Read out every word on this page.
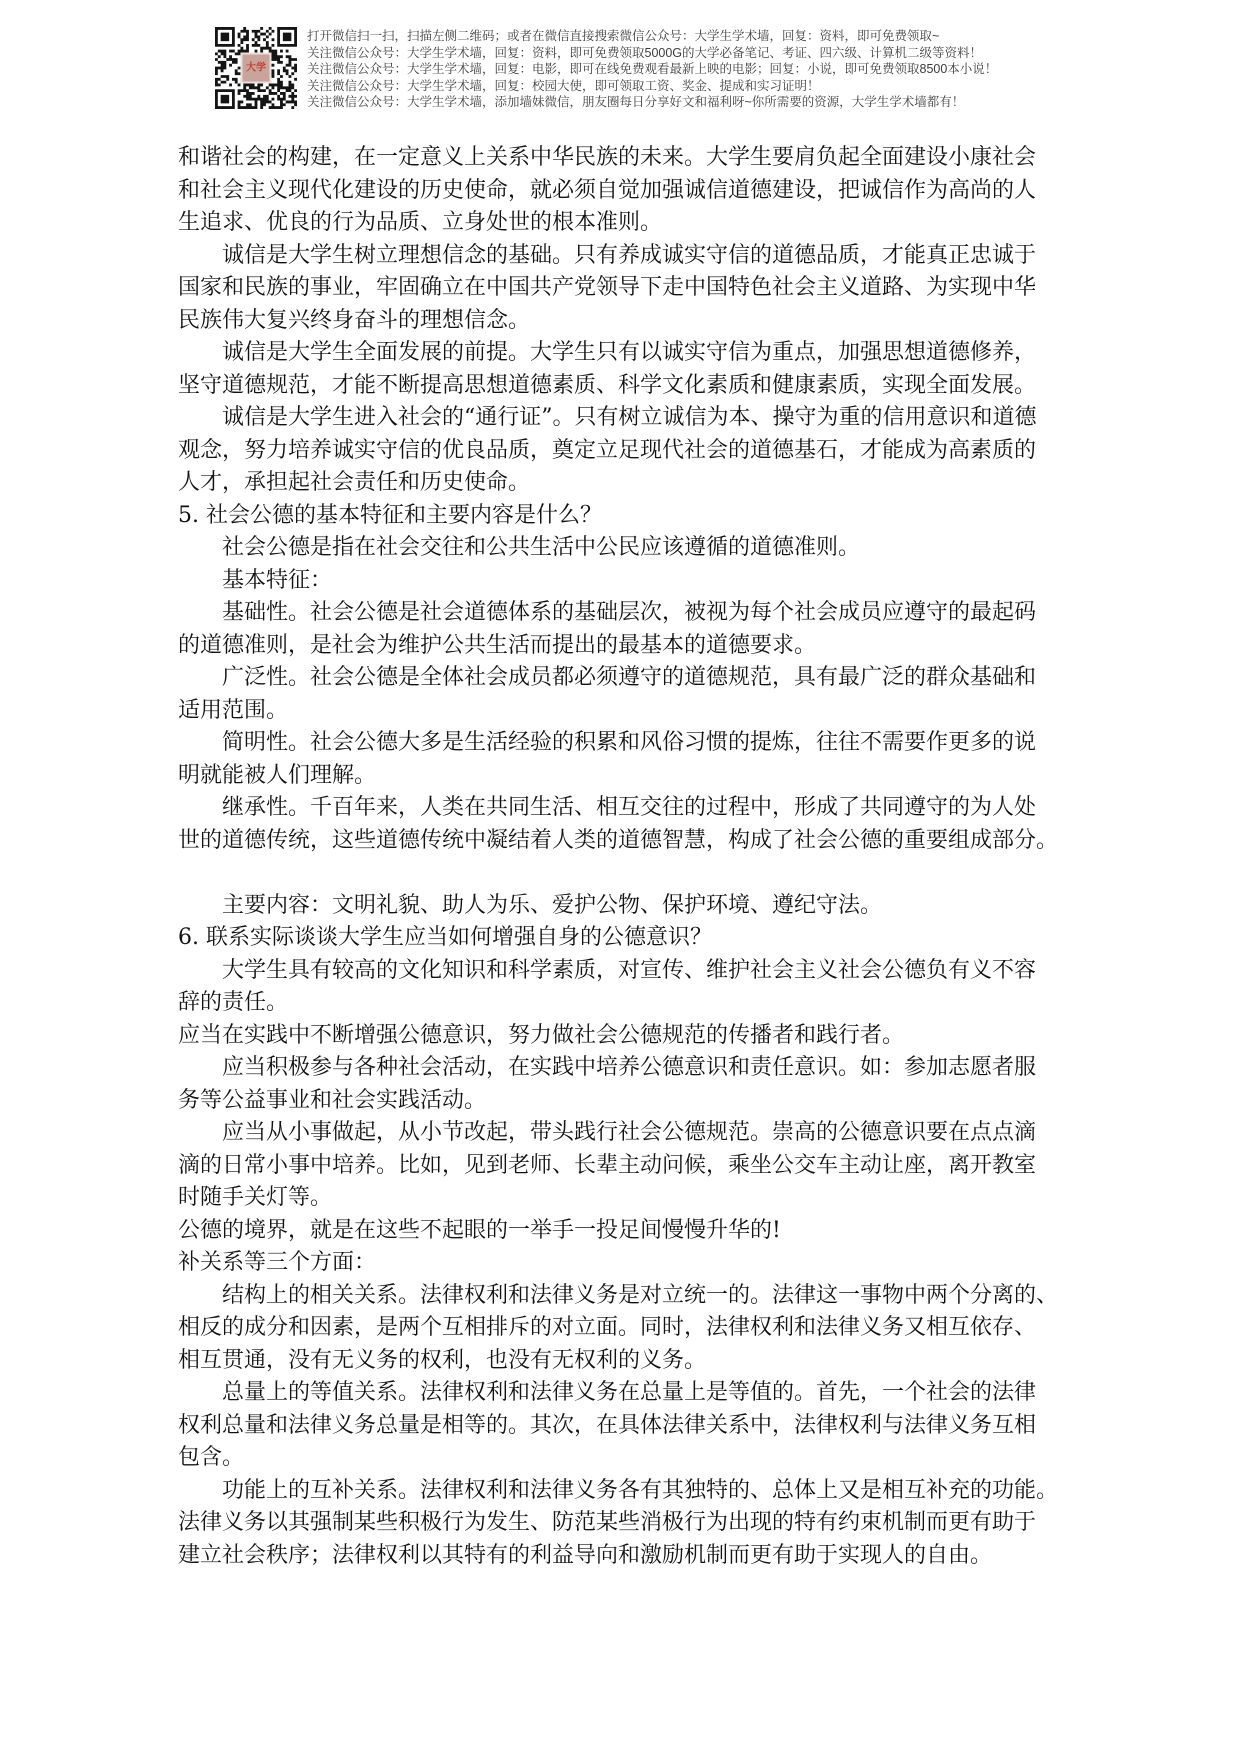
大学
打开微信扫一扫，扫描左侧二维码；或者在微信直接搜索微信公众号：大学生学术墙，回复：资料，即可免费领取~
关注微信公众号：大学生学术墙，回复：资料，即可免费领取5000G的大学必备笔记、考证、四六级、计算机二级等资料！
关注微信公众号：大学生学术墙，回复：电影，即可在线免费观看最新上映的电影；回复：小说，即可免费领取8500本小说！
关注微信公众号：大学生学术墙，回复：校园大使，即可领取工资、奖金、提成和实习证明！
关注微信公众号：大学生学术墙，添加墙妹微信，朋友圈每日分享好文和福利呀~你所需要的资源，大学生学术墙都有！
和谐社会的构建，在一定意义上关系中华民族的未来。大学生要肩负起全面建设小康社会
和社会主义现代化建设的历史使命，就必须自觉加强诚信道德建设，把诚信作为高尚的人
生追求、优良的行为品质、立身处世的根本准则。
　　诚信是大学生树立理想信念的基础。只有养成诚实守信的道德品质，才能真正忠诚于
国家和民族的事业，牢固确立在中国共产党领导下走中国特色社会主义道路、为实现中华
民族伟大复兴终身奋斗的理想信念。
　　诚信是大学生全面发展的前提。大学生只有以诚实守信为重点，加强思想道德修养，
坚守道德规范，才能不断提高思想道德素质、科学文化素质和健康素质，实现全面发展。
　　诚信是大学生进入社会的“通行证”。只有树立诚信为本、操守为重的信用意识和道德
观念，努力培养诚实守信的优良品质，奠定立足现代社会的道德基石，才能成为高素质的
人才，承担起社会责任和历史使命。
5. 社会公德的基本特征和主要内容是什么？
　　社会公德是指在社会交往和公共生活中公民应该遵循的道德准则。
　　基本特征：
　　基础性。社会公德是社会道德体系的基础层次，被视为每个社会成员应遵守的最起码
的道德准则，是社会为维护公共生活而提出的最基本的道德要求。
　　广泛性。社会公德是全体社会成员都必须遵守的道德规范，具有最广泛的群众基础和
适用范围。
　　简明性。社会公德大多是生活经验的积累和风俗习惯的提炼，往往不需要作更多的说
明就能被人们理解。
　　继承性。千百年来，人类在共同生活、相互交往的过程中，形成了共同遵守的为人处
世的道德传统，这些道德传统中凝结着人类的道德智慧，构成了社会公德的重要组成部分。
　　主要内容：文明礼貌、助人为乐、爱护公物、保护环境、遵纪守法。
6. 联系实际谈谈大学生应当如何增强自身的公德意识？
　　大学生具有较高的文化知识和科学素质，对宣传、维护社会主义社会公德负有义不容
辞的责任。
应当在实践中不断增强公德意识，努力做社会公德规范的传播者和践行者。
　　应当积极参与各种社会活动，在实践中培养公德意识和责任意识。如：参加志愿者服
务等公益事业和社会实践活动。
　　应当从小事做起，从小节改起，带头践行社会公德规范。崇高的公德意识要在点点滴
滴的日常小事中培养。比如，见到老师、长辈主动问候，乘坐公交车主动让座，离开教室
时随手关灯等。
公德的境界，就是在这些不起眼的一举手一投足间慢慢升华的!
补关系等三个方面：
　　结构上的相关关系。法律权利和法律义务是对立统一的。法律这一事物中两个分离的、
相反的成分和因素，是两个互相排斥的对立面。同时，法律权利和法律义务又相互依存、
相互贯通，没有无义务的权利，也没有无权利的义务。
　　总量上的等值关系。法律权利和法律义务在总量上是等值的。首先，一个社会的法律
权利总量和法律义务总量是相等的。其次，在具体法律关系中，法律权利与法律义务互相
包含。
　　功能上的互补关系。法律权利和法律义务各有其独特的、总体上又是相互补充的功能。
法律义务以其强制某些积极行为发生、防范某些消极行为出现的特有约束机制而更有助于
建立社会秩序；法律权利以其特有的利益导向和激励机制而更有助于实现人的自由。
